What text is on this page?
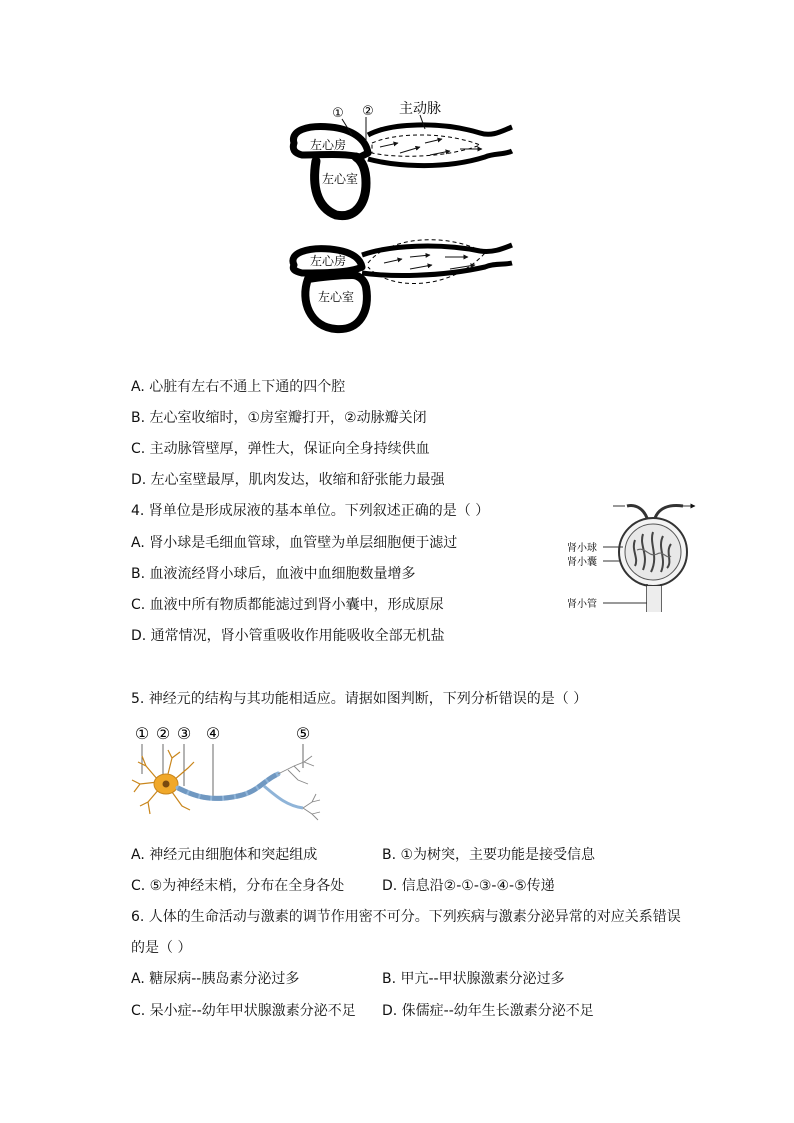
① ② 主动脉
左心房
左心室
左心房
左心室
A. 心脏有左右不通上下通的四个腔
B. 左心室收缩时，①房室瓣打开，②动脉瓣关闭
C. 主动脉管壁厚，弹性大，保证向全身持续供血
D. 左心室壁最厚，肌肉发达，收缩和舒张能力最强
4. 肾单位是形成尿液的基本单位。下列叙述正确的是（ ）
A. 肾小球是毛细血管球，血管壁为单层细胞便于滤过
B. 血液流经肾小球后，血液中血细胞数量增多
C. 血液中所有物质都能滤过到肾小囊中，形成原尿
D. 通常情况，肾小管重吸收作用能吸收全部无机盐
肾小球
肾小囊
肾小管
5. 神经元的结构与其功能相适应。请据如图判断，下列分析错误的是（ ）
① ② ③ ④	⑤
A. 神经元由细胞体和突起组成	B. ①为树突，主要功能是接受信息
C. ⑤为神经末梢，分布在全身各处	D. 信息沿②-①-③-④-⑤传递
6. 人体的生命活动与激素的调节作用密不可分。下列疾病与激素分泌异常的对应关系错误
的是（ ）
A. 糖尿病--胰岛素分泌过多	B. 甲亢--甲状腺激素分泌过多
C. 呆小症--幼年甲状腺激素分泌不足 D. 侏儒症--幼年生长激素分泌不足
